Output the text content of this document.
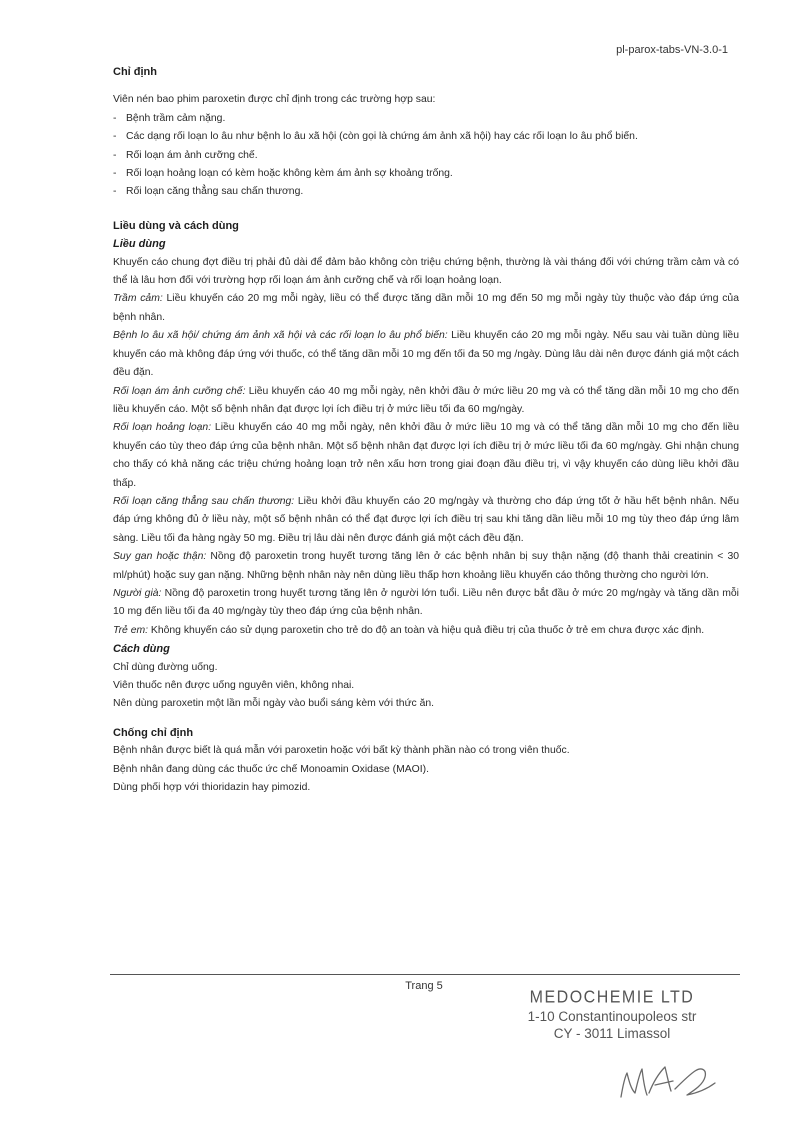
pl-parox-tabs-VN-3.0-1
Chỉ định

Viên nén bao phim paroxetin được chỉ định trong các trường hợp sau:

- Bệnh trầm cảm nặng.
- Các dạng rối loạn lo âu như bệnh lo âu xã hội (còn gọi là chứng ám ảnh xã hội) hay các rối loạn lo âu phổ biến.
- Rối loạn ám ảnh cưỡng chế.
- Rối loạn hoảng loạn có kèm hoặc không kèm ám ảnh sợ khoảng trống.
- Rối loạn căng thẳng sau chấn thương.
Liều dùng và cách dùng
Liều dùng

Khuyến cáo chung đợt điều trị phải đủ dài để đảm bảo không còn triệu chứng bệnh, thường là vài tháng đối với chứng trầm cảm và có thể là lâu hơn đối với trường hợp rối loạn ám ảnh cưỡng chế và rối loạn hoảng loạn.

Trầm cảm: Liều khuyến cáo 20 mg mỗi ngày, liều có thể được tăng dần mỗi 10 mg đến 50 mg mỗi ngày tùy thuộc vào đáp ứng của bệnh nhân.

Bệnh lo âu xã hội/ chứng ám ảnh xã hội và các rối loạn lo âu phổ biến: Liều khuyến cáo 20 mg mỗi ngày. Nếu sau vài tuần dùng liều khuyến cáo mà không đáp ứng với thuốc, có thể tăng dần mỗi 10 mg đến tối đa 50 mg /ngày. Dùng lâu dài nên được đánh giá một cách đều đặn.

Rối loạn ám ảnh cưỡng chế: Liều khuyến cáo 40 mg mỗi ngày, nên khởi đầu ở mức liều 20 mg và có thể tăng dần mỗi 10 mg cho đến liều khuyến cáo. Một số bệnh nhân đạt được lợi ích điều trị ở mức liều tối đa 60 mg/ngày.

Rối loạn hoảng loạn: Liều khuyến cáo 40 mg mỗi ngày, nên khởi đầu ở mức liều 10 mg và có thể tăng dần mỗi 10 mg cho đến liều khuyến cáo tùy theo đáp ứng của bệnh nhân. Một số bệnh nhân đạt được lợi ích điều trị ở mức liều tối đa 60 mg/ngày. Ghi nhận chung cho thấy có khả năng các triệu chứng hoảng loạn trở nên xấu hơn trong giai đoạn đầu điều trị, vì vậy khuyến cáo dùng liều khởi đầu thấp.

Rối loạn căng thẳng sau chấn thương: Liều khởi đầu khuyến cáo 20 mg/ngày và thường cho đáp ứng tốt ở hầu hết bệnh nhân. Nếu đáp ứng không đủ ở liều này, một số bệnh nhân có thể đạt được lợi ích điều trị sau khi tăng dần liều mỗi 10 mg tùy theo đáp ứng lâm sàng. Liều tối đa hàng ngày 50 mg. Điều trị lâu dài nên được đánh giá một cách đều đặn.

Suy gan hoặc thận: Nồng độ paroxetin trong huyết tương tăng lên ở các bệnh nhân bị suy thận nặng (độ thanh thải creatinin < 30 ml/phút) hoặc suy gan nặng. Những bệnh nhân này nên dùng liều thấp hơn khoảng liều khuyến cáo thông thường cho người lớn.

Người già: Nồng độ paroxetin trong huyết tương tăng lên ở người lớn tuổi. Liều nên được bắt đầu ở mức 20 mg/ngày và tăng dần mỗi 10 mg đến liều tối đa 40 mg/ngày tùy theo đáp ứng của bệnh nhân.

Trẻ em: Không khuyến cáo sử dụng paroxetin cho trẻ do độ an toàn và hiệu quả điều trị của thuốc ở trẻ em chưa được xác định.

Cách dùng

Chỉ dùng đường uống.

Viên thuốc nên được uống nguyên viên, không nhai.

Nên dùng paroxetin một lần mỗi ngày vào buổi sáng kèm với thức ăn.

Chống chỉ định

Bệnh nhân được biết là quá mẫn với paroxetin hoặc với bất kỳ thành phần nào có trong viên thuốc.

Bệnh nhân đang dùng các thuốc ức chế Monoamin Oxidase (MAOI).

Dùng phối hợp với thioridazin hay pimozid.

Trang 5
MEDOCHEMIE LTD
1-10 Constantinoupoleos str
CY - 3011 Limassol
